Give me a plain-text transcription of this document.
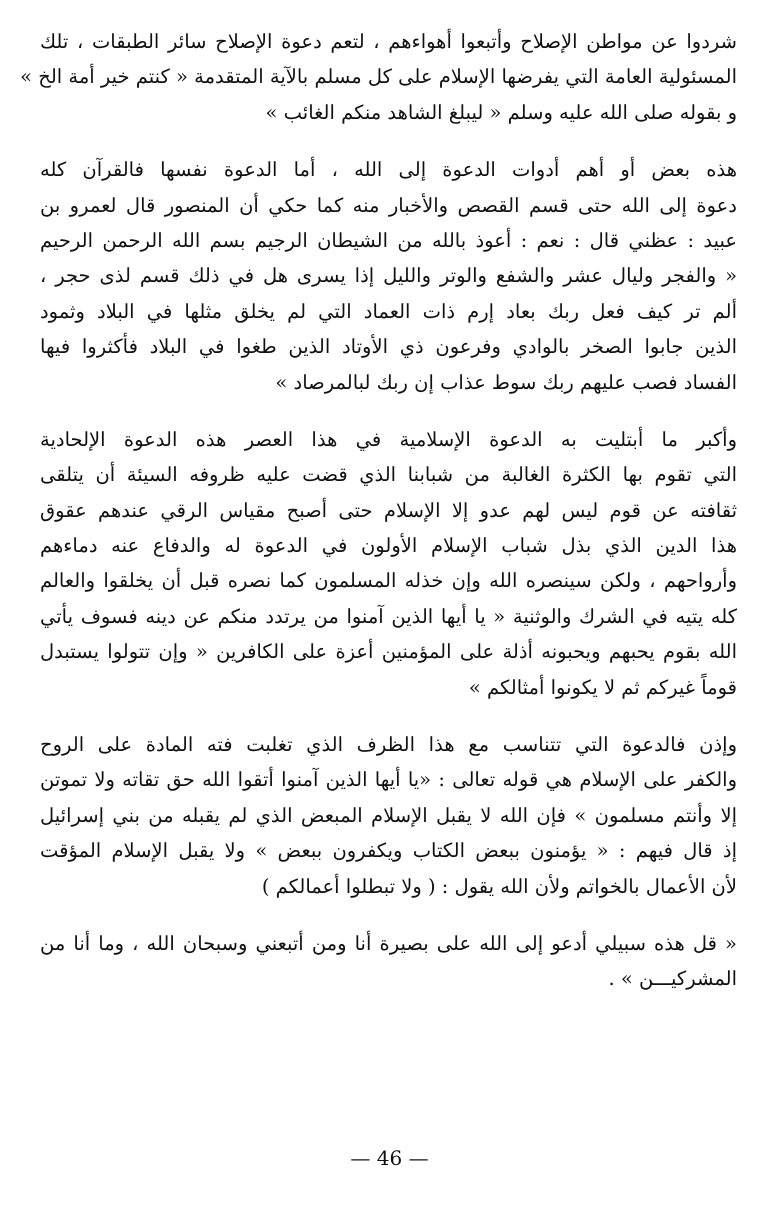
شردوا عن مواطن الإصلاح وأتبعوا أهواءهم ، لتعم دعوة الإصلاح سائر الطبقات ، تلك
المسئولية العامة التي يفرضها الإسلام على كل مسلم بالآية المتقدمة « كنتم خير أمة الخ »
و بقوله صلى الله عليه وسلم « ليبلغ الشاهد منكم الغائب »
هذه بعض أو أهم أدوات الدعوة إلى الله ، أما الدعوة نفسها فالقرآن كله
دعوة إلى الله حتى قسم القصص والأخبار منه كما حكي أن المنصور قال لعمرو بن
عبيد : عظني قال : نعم : أعوذ بالله من الشيطان الرجيم بسم الله الرحمن الرحيم
« والفجر وليال عشر والشفع والوتر والليل إذا يسرى هل في ذلك قسم لذى حجر ،
ألم تر كيف فعل ربك بعاد إرم ذات العماد التي لم يخلق مثلها في البلاد وثمود
الذين جابوا الصخر بالوادي وفرعون ذي الأوتاد الذين طغوا في البلاد فأكثروا فيها
الفساد فصب عليهم ربك سوط عذاب إن ربك لبالمرصاد »
وأكبر ما أبتليت به الدعوة الإسلامية في هذا العصر هذه الدعوة الإلحادية
التي تقوم بها الكثرة الغالبة من شبابنا الذي قضت عليه ظروفه السيئة أن يتلقى
ثقافته عن قوم ليس لهم عدو إلا الإسلام حتى أصبح مقياس الرقي عندهم عقوق
هذا الدين الذي بذل شباب الإسلام الأولون في الدعوة له والدفاع عنه دماءهم
وأرواحهم ، ولكن سينصره الله وإن خذله المسلمون كما نصره قبل أن يخلقوا والعالم
كله يتيه في الشرك والوثنية « يا أيها الذين آمنوا من يرتدد منكم عن دينه فسوف يأتي
الله بقوم يحبهم ويحبونه أذلة على المؤمنين أعزة على الكافرين « وإن تتولوا يستبدل
قوماً غيركم ثم لا يكونوا أمثالكم »
وإذن فالدعوة التي تتناسب مع هذا الظرف الذي تغلبت فته المادة على الروح
والكفر على الإسلام هي قوله تعالى : «يا أيها الذين آمنوا أتقوا الله حق تقاته ولا تموتن
إلا وأنتم مسلمون » فإن الله لا يقبل الإسلام المبعض الذي لم يقبله من بني إسرائيل
إذ قال فيهم : « يؤمنون ببعض الكتاب ويكفرون ببعض » ولا يقبل الإسلام المؤقت
لأن الأعمال بالخواتم ولأن الله يقول : ( ولا تبطلوا أعمالكم )
« قل هذه سبيلي أدعو إلى الله على بصيرة أنا ومن أتبعني وسبحان الله ، وما أنا من
المشركيـــن » .
— 46 —
